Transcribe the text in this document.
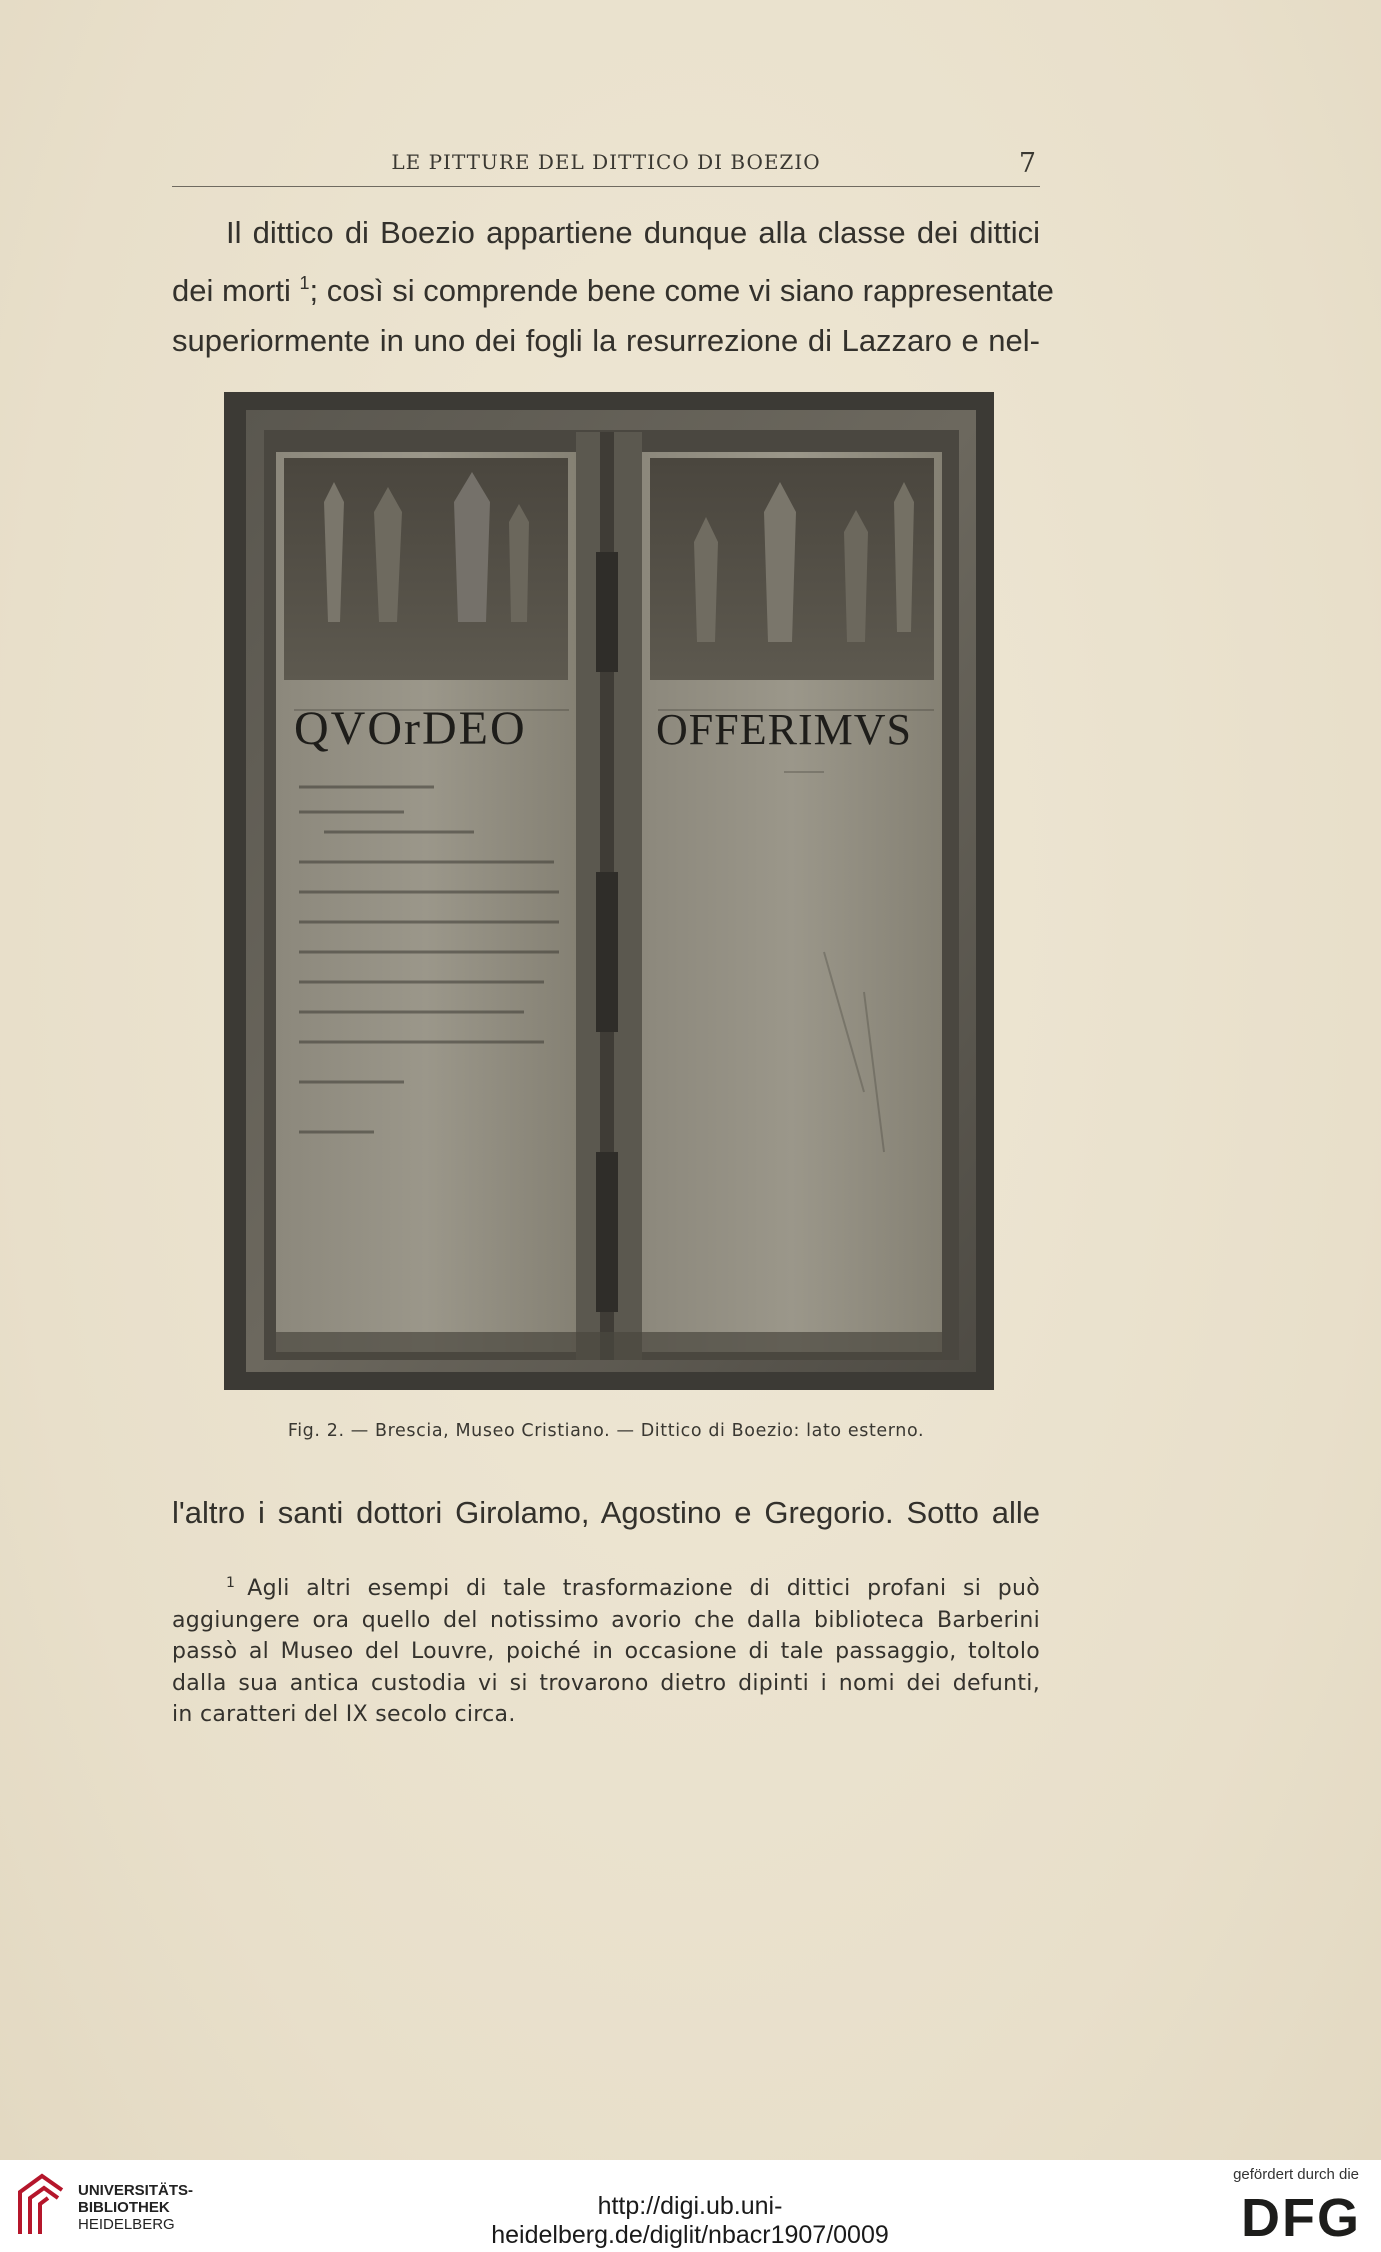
LE PITTURE DEL DITTICO DI BOEZIO	7
Il dittico di Boezio appartiene dunque alla classe dei dittici
dei morti $^1$; così si comprende bene come vi siano rappresentate
superiormente in uno dei fogli la resurrezione di Lazzaro e nel-
QVOrDEO	OFFERIMVS
Fig. 2. — Brescia, Museo Cristiano. — Dittico di Boezio: lato esterno.
l'altro i santi dottori Girolamo, Agostino e Gregorio. Sotto alle
$^1$ Agli altri esempi di tale trasformazione di dittici profani si può
aggiungere ora quello del notissimo avorio che dalla biblioteca Barberini
passò al Museo del Louvre, poiché in occasione di tale passaggio, toltolo
dalla sua antica custodia vi si trovarono dietro dipinti i nomi dei defunti,
in caratteri del IX secolo circa.
UNIVERSITÄTS-
BIBLIOTHEK
HEIDELBERG
http://digi.ub.uni-heidelberg.de/diglit/nbacr1907/0009
gefördert durch die
DFG
